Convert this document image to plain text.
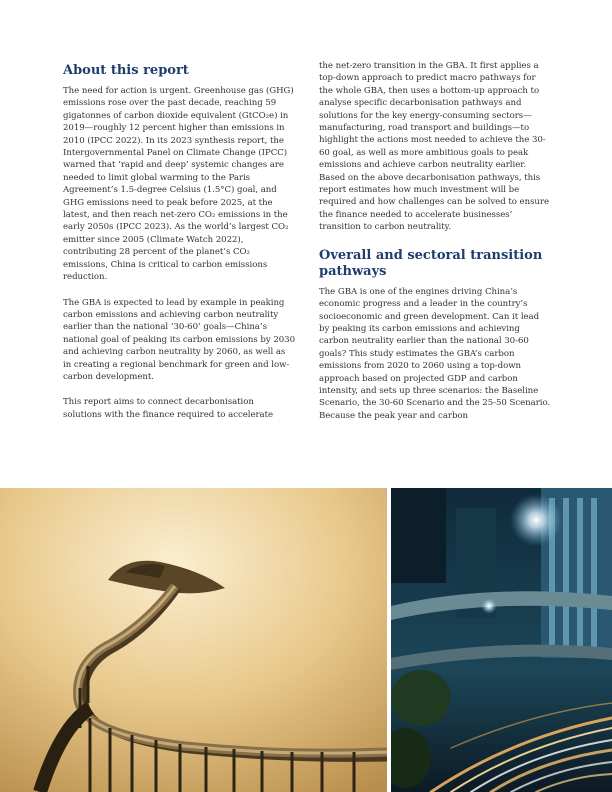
About this report

The need for action is urgent. Greenhouse gas (GHG) emissions rose over the past decade, reaching 59 gigatonnes of carbon dioxide equivalent (GtCO₂e) in 2019—roughly 12 percent higher than emissions in 2010 (IPCC 2022). In its 2023 synthesis report, the Intergovernmental Panel on Climate Change (IPCC) warned that ‘rapid and deep’ systemic changes are needed to limit global warming to the Paris Agreement’s 1.5-degree Celsius (1.5°C) goal, and GHG emissions need to peak before 2025, at the latest, and then reach net-zero CO₂ emissions in the early 2050s (IPCC 2023). As the world’s largest CO₂ emitter since 2005 (Climate Watch 2022), contributing 28 percent of the planet’s CO₂ emissions, China is critical to carbon emissions reduction.

The GBA is expected to lead by example in peaking carbon emissions and achieving carbon neutrality earlier than the national ‘30-60’ goals—China’s national goal of peaking its carbon emissions by 2030 and achieving carbon neutrality by 2060, as well as in creating a regional benchmark for green and low-carbon development.

This report aims to connect decarbonisation solutions with the finance required to accelerate

the net-zero transition in the GBA. It first applies a top-down approach to predict macro pathways for the whole GBA, then uses a bottom-up approach to analyse specific decarbonisation pathways and solutions for the key energy-consuming sectors—manufacturing, road transport and buildings—to highlight the actions most needed to achieve the 30-60 goal, as well as more ambitious goals to peak emissions and achieve carbon neutrality earlier. Based on the above decarbonisation pathways, this report estimates how much investment will be required and how challenges can be solved to ensure the finance needed to accelerate businesses’ transition to carbon neutrality.

Overall and sectoral transition pathways

The GBA is one of the engines driving China’s economic progress and a leader in the country’s socioeconomic and green development. Can it lead by peaking its carbon emissions and achieving carbon neutrality earlier than the national 30-60 goals? This study estimates the GBA’s carbon emissions from 2020 to 2060 using a top-down approach based on projected GDP and carbon intensity, and sets up three scenarios: the Baseline Scenario, the 30-60 Scenario and the 25-50 Scenario. Because the peak year and carbon
